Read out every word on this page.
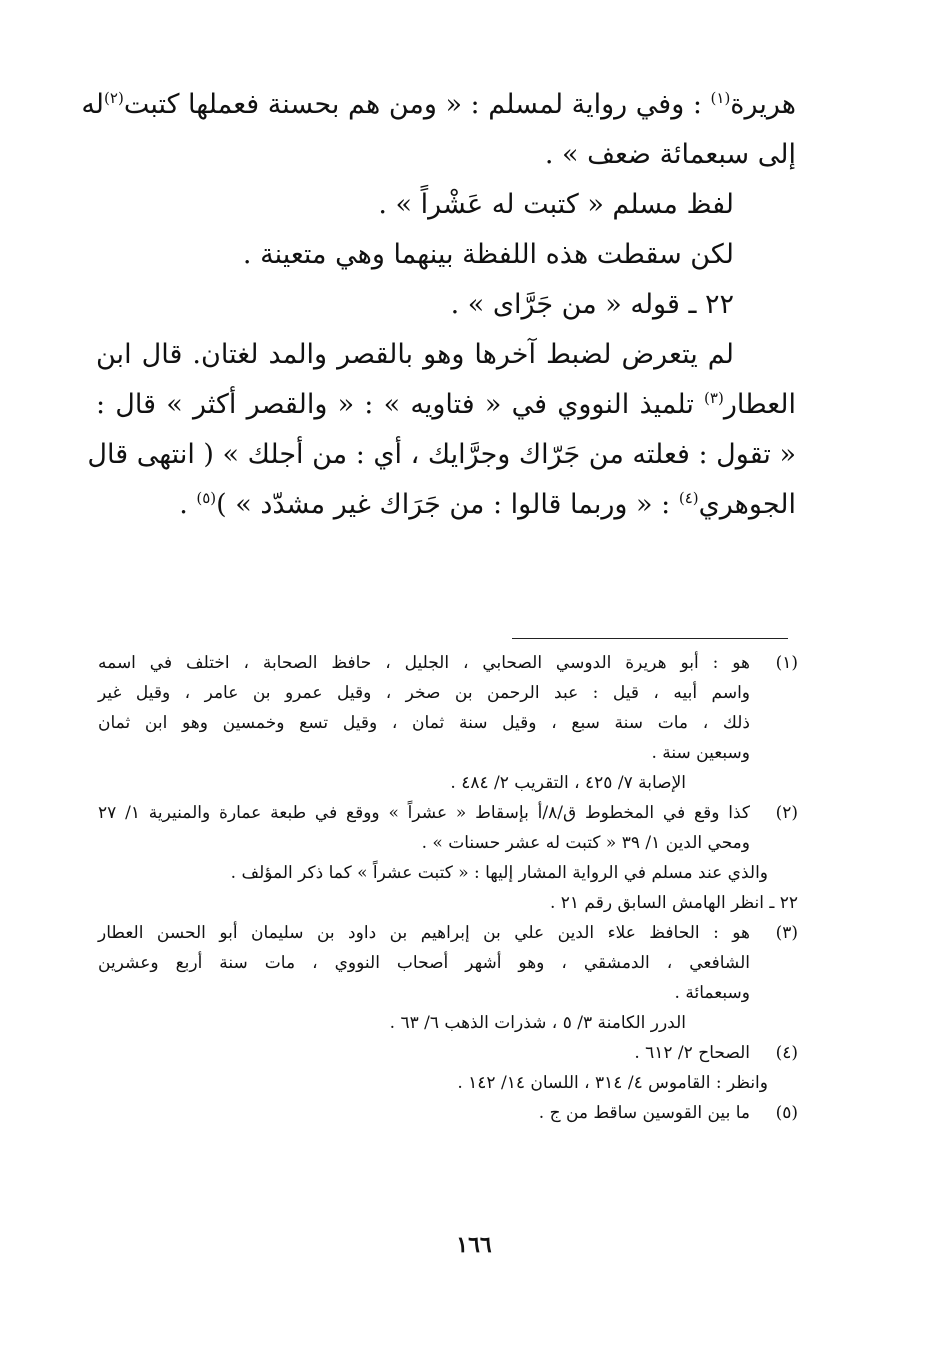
هريرة$^{(١)}$ : وفي رواية لمسلم : « ومن هم بحسنة فعملها كتبت$^{(٢)}$له

إلى سبعمائة ضعف » .

لفظ مسلم « كتبت له عَشْراً » .

لكن سقطت هذه اللفظة بينهما وهي متعينة .

٢٢ ـ قوله « من جَرَّاى » .

لم يتعرض لضبط آخرها وهو بالقصر والمد لغتان. قال ابن

العطار$^{(٣)}$ تلميذ النووي في « فتاويه » : « والقصر أكثر » قال :

« تقول : فعلته من جَرّاك وجرَّايك ، أي : من أجلك » ( انتهى قال

الجوهري$^{(٤)}$ : « وربما قالوا : من جَرَاك غير مشدّد » )$^{(٥)}$ .

(١)
هو : أبو هريرة الدوسي الصحابي ، الجليل ، حافظ الصحابة ، اختلف في اسمه
واسم أبيه ، قيل : عبد الرحمن بن صخر ، وقيل عمرو بن عامر ، وقيل غير
ذلك ، مات سنة سبع ، وقيل سنة ثمان ، وقيل تسع وخمسين وهو ابن ثمان
وسبعين سنة .
الإصابة ٧/ ٤٢٥ ، التقريب ٢/ ٤٨٤ .
(٢)
كذا وقع في المخطوط ق/٨/أ بإسقاط « عشراً » ووقع في طبعة عمارة والمنيرية ١/ ٢٧
ومحي الدين ١/ ٣٩ « كتبت له عشر حسنات » .
والذي عند مسلم في الرواية المشار إليها : « كتبت عشراً » كما ذكر المؤلف .
٢٢ ـ انظر الهامش السابق رقم ٢١ .
(٣)
هو : الحافظ علاء الدين علي بن إبراهيم بن داود بن سليمان أبو الحسن العطار
الشافعي ، الدمشقي ، وهو أشهر أصحاب النووي ، مات سنة أربع وعشرين
وسبعمائة .
الدرر الكامنة ٣/ ٥ ، شذرات الذهب ٦/ ٦٣ .
(٤)
الصحاح ٢/ ٦١٢ .
وانظر : القاموس ٤/ ٣١٤ ، اللسان ١٤/ ١٤٢ .
(٥)
ما بين القوسين ساقط من ج .
١٦٦
